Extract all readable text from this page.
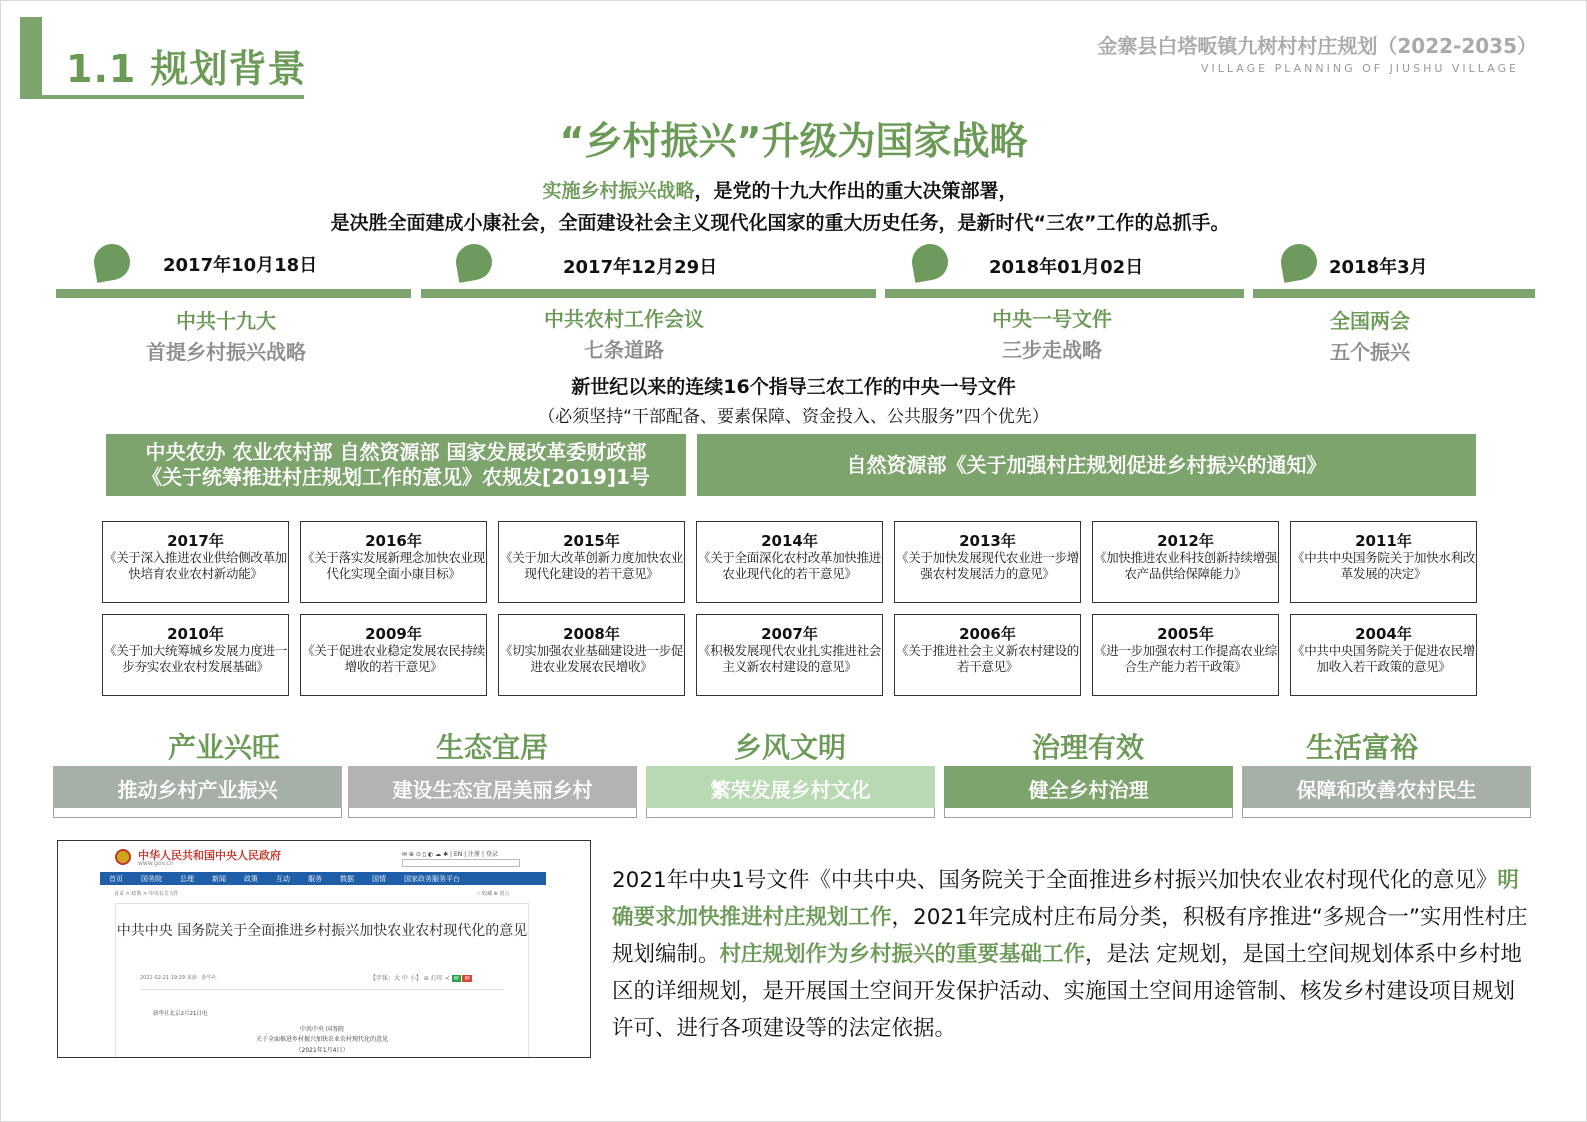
1.1 规划背景
金寨县白塔畈镇九树村村庄规划（2022-2035）
VILLAGE PLANNING OF JIUSHU VILLAGE
“乡村振兴”升级为国家战略
实施乡村振兴战略，是党的十九大作出的重大决策部署，
是决胜全面建成小康社会，全面建设社会主义现代化国家的重大历史任务，是新时代“三农”工作的总抓手。
2017年10月18日	2017年12月29日	2018年01月02日	2018年3月
中共十九大
首提乡村振兴战略
中共农村工作会议
七条道路
中央一号文件
三步走战略
全国两会
五个振兴
新世纪以来的连续16个指导三农工作的中央一号文件
（必须坚持“干部配备、要素保障、资金投入、公共服务”四个优先）
中央农办 农业农村部 自然资源部 国家发展改革委财政部
《关于统筹推进村庄规划工作的意见》农规发[2019]1号
自然资源部《关于加强村庄规划促进乡村振兴的通知》
2017年
《关于深入推进农业供给侧改革加快培育农业农村新动能》
2016年
《关于落实发展新理念加快农业现代化实现全面小康目标》
2015年
《关于加大改革创新力度加快农业现代化建设的若干意见》
2014年
《关于全面深化农村改革加快推进农业现代化的若干意见》
2013年
《关于加快发展现代农业进一步增强农村发展活力的意见》
2012年
《加快推进农业科技创新持续增强农产品供给保障能力》
2011年
《中共中央国务院关于加快水利改革发展的决定》
2010年
《关于加大统筹城乡发展力度进一步夯实农业农村发展基础》
2009年
《关于促进农业稳定发展农民持续增收的若干意见》
2008年
《切实加强农业基础建设进一步促进农业发展农民增收》
2007年
《积极发展现代农业扎实推进社会主义新农村建设的意见》
2006年
《关于推进社会主义新农村建设的若干意见》
2005年
《进一步加强农村工作提高农业综合生产能力若干政策》
2004年
《中共中央国务院关于促进农民增加收入若干政策的意见》
产业兴旺	生态宜居	乡风文明	治理有效	生活富裕
推动乡村产业振兴	建设生态宜居美丽乡村	繁荣发展乡村文化	健全乡村治理	保障和改善农村民生
中华人民共和国中央人民政府
www.gov.cn
✉ ⊕ ⊙ ▯ ◐ ☁ ✱ | EN | 注册 | 登录
首页	国务院	总理	新闻	政策	互动	服务	数据	国情	国家政务服务平台
首页 > 政策 > 中央有关文件	☆ 收藏 ⊕ 留言
中共中央 国务院关于全面推进乡村振兴加快农业农村现代化的意见
2021-02-21 19:29 来源：新华社	【字体：大 中 小】 ⊖ 打印 ≺ ✉ ✉
新华社北京2月21日电
中共中央 国务院
关于全面推进乡村振兴加快农业农村现代化的意见
（2021年1月4日）
2021年中央1号文件《中共中央、国务院关于全面推进乡村振兴加快农业农村现代化的意见》明确要求加快推进村庄规划工作，2021年完成村庄布局分类，积极有序推进“多规合一”实用性村庄规划编制。村庄规划作为乡村振兴的重要基础工作，是法 定规划，是国土空间规划体系中乡村地区的详细规划，是开展国土空间开发保护活动、实施国土空间用途管制、核发乡村建设项目规划许可、进行各项建设等的法定依据。
